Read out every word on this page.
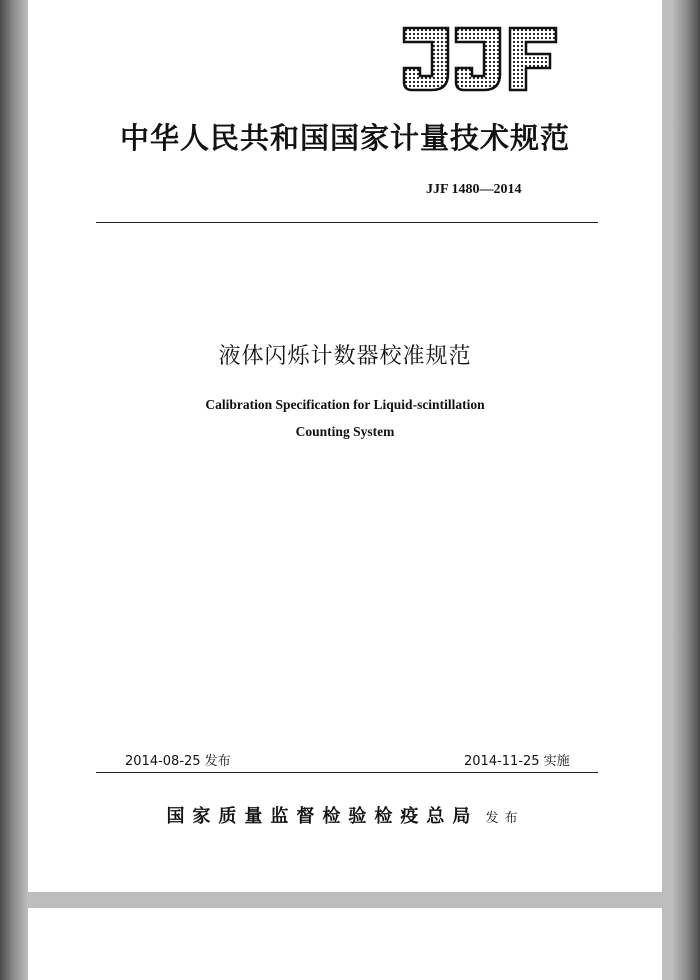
中华人民共和国国家计量技术规范
JJF 1480—2014
液体闪烁计数器校准规范
Calibration Specification for Liquid-scintillation
Counting System
2014-08-25 发布	2014-11-25 实施
国家质量监督检验检疫总局 发布
